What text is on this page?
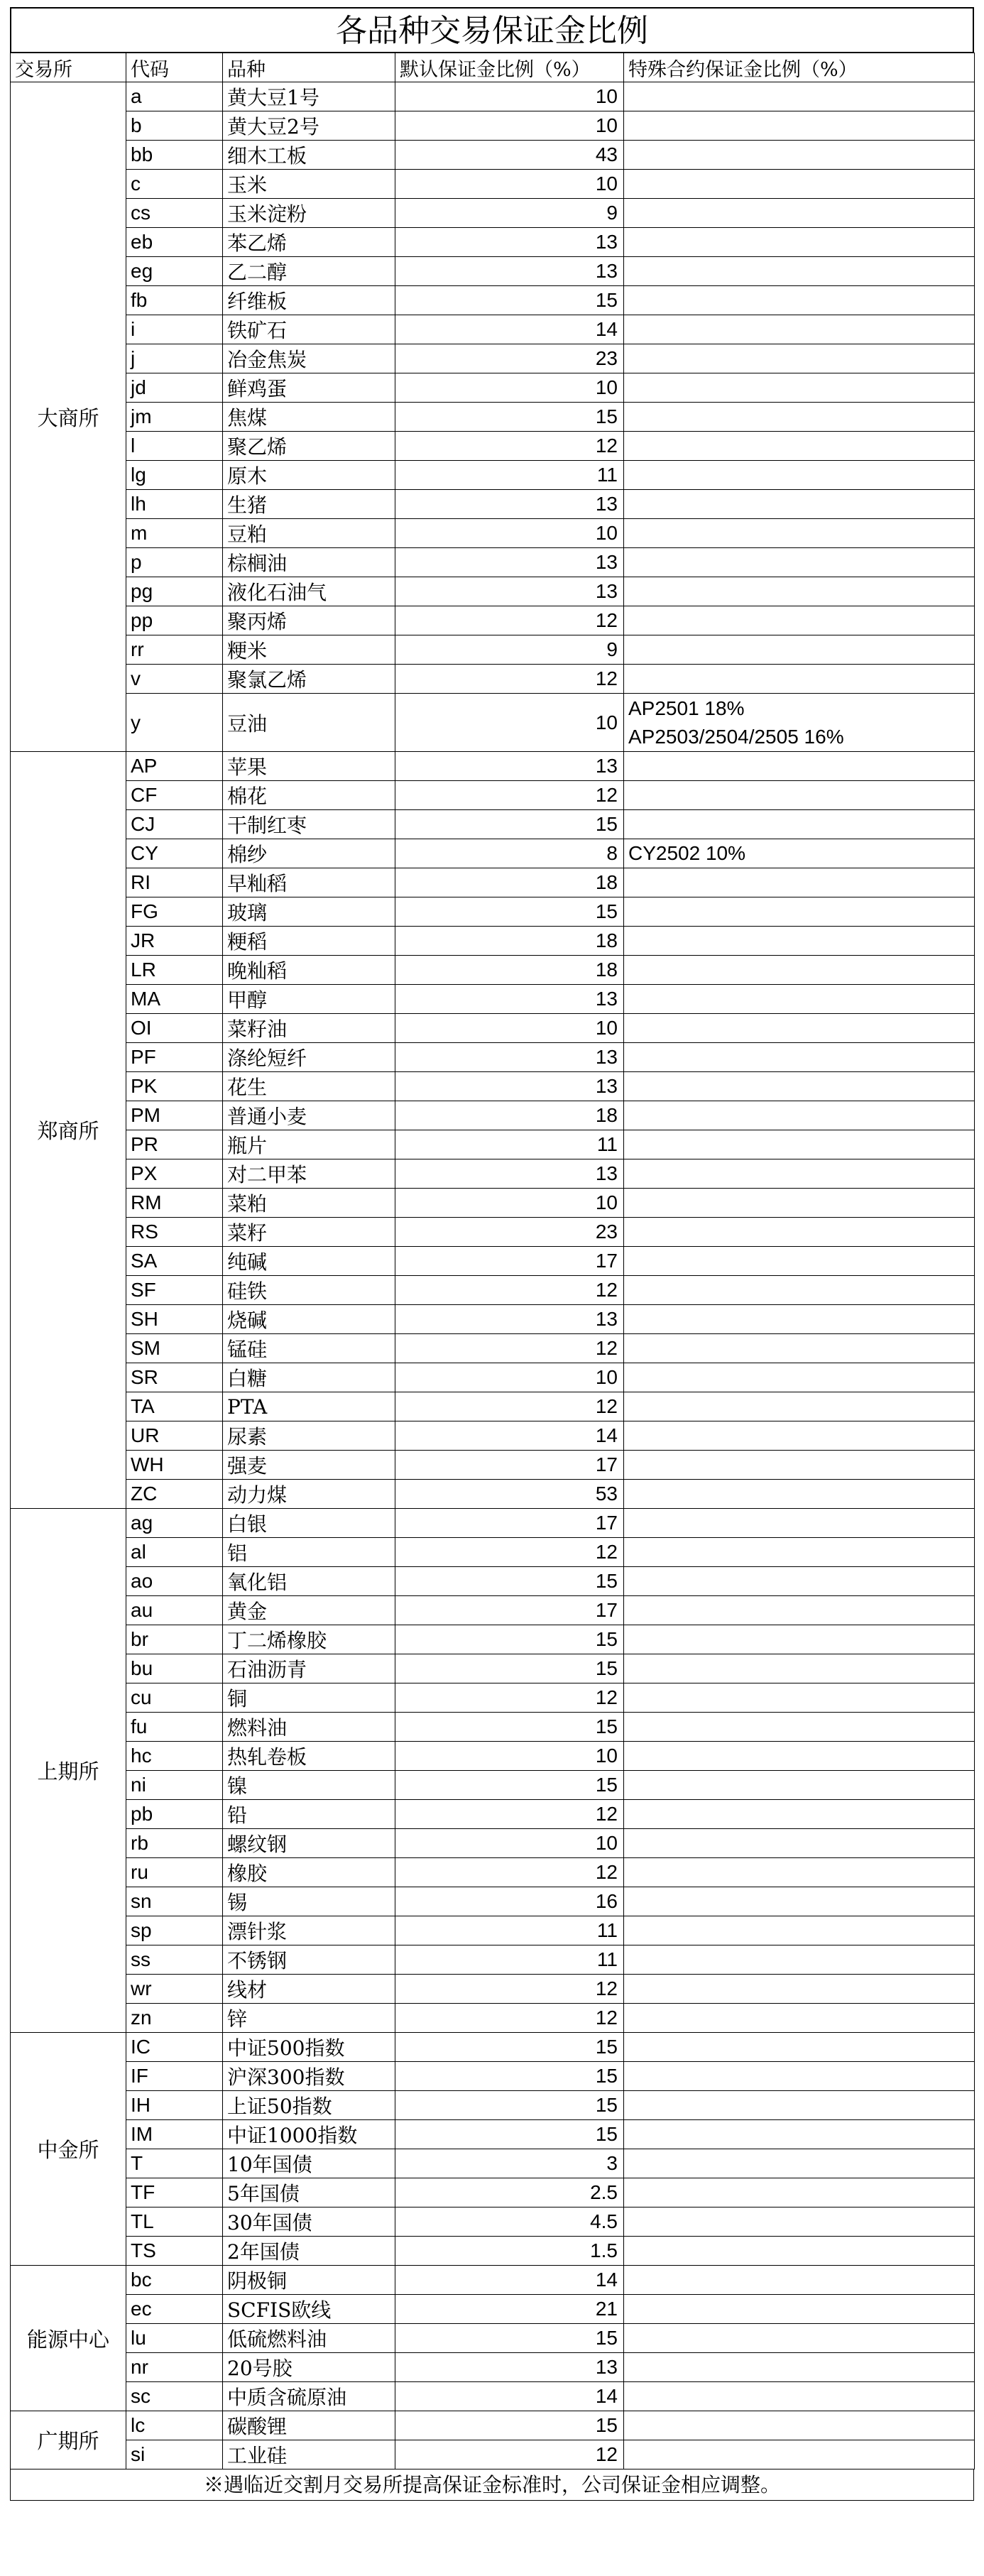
各品种交易保证金比例
交易所	代码	品种	默认保证金比例（%）	特殊合约保证金比例（%）
大商所	a	黄大豆1号	10	
	b	黄大豆2号	10	
	bb	细木工板	43	
	c	玉米	10	
	cs	玉米淀粉	9	
	eb	苯乙烯	13	
	eg	乙二醇	13	
	fb	纤维板	15	
	i	铁矿石	14	
	j	冶金焦炭	23	
	jd	鲜鸡蛋	10	
	jm	焦煤	15	
	l	聚乙烯	12	
	lg	原木	11	
	lh	生猪	13	
	m	豆粕	10	
	p	棕榈油	13	
	pg	液化石油气	13	
	pp	聚丙烯	12	
	rr	粳米	9	
	v	聚氯乙烯	12	
	y	豆油	10	AP2501 18%
AP2503/2504/2505 16%

郑商所	AP	苹果	13	
	CF	棉花	12	
	CJ	干制红枣	15	
	CY	棉纱	8	CY2502 10%

	RI	早籼稻	18	
	FG	玻璃	15	
	JR	粳稻	18	
	LR	晚籼稻	18	
	MA	甲醇	13	
	OI	菜籽油	10	
	PF	涤纶短纤	13	
	PK	花生	13	
	PM	普通小麦	18	
	PR	瓶片	11	
	PX	对二甲苯	13	
	RM	菜粕	10	
	RS	菜籽	23	
	SA	纯碱	17	
	SF	硅铁	12	
	SH	烧碱	13	
	SM	锰硅	12	
	SR	白糖	10	
	TA	PTA	12	
	UR	尿素	14	
	WH	强麦	17	
	ZC	动力煤	53	
上期所	ag	白银	17	
	al	铝	12	
	ao	氧化铝	15	
	au	黄金	17	
	br	丁二烯橡胶	15	
	bu	石油沥青	15	
	cu	铜	12	
	fu	燃料油	15	
	hc	热轧卷板	10	
	ni	镍	15	
	pb	铅	12	
	rb	螺纹钢	10	
	ru	橡胶	12	
	sn	锡	16	
	sp	漂针浆	11	
	ss	不锈钢	11	
	wr	线材	12	
	zn	锌	12	
中金所	IC	中证500指数	15	
	IF	沪深300指数	15	
	IH	上证50指数	15	
	IM	中证1000指数	15	
	T	10年国债	3	
	TF	5年国债	2.5	
	TL	30年国债	4.5	
	TS	2年国债	1.5	
能源中心	bc	阴极铜	14	
	ec	SCFIS欧线	21	
	lu	低硫燃料油	15	
	nr	20号胶	13	
	sc	中质含硫原油	14	
广期所	lc	碳酸锂	15	
	si	工业硅	12	
※遇临近交割月交易所提高保证金标准时，公司保证金相应调整。
